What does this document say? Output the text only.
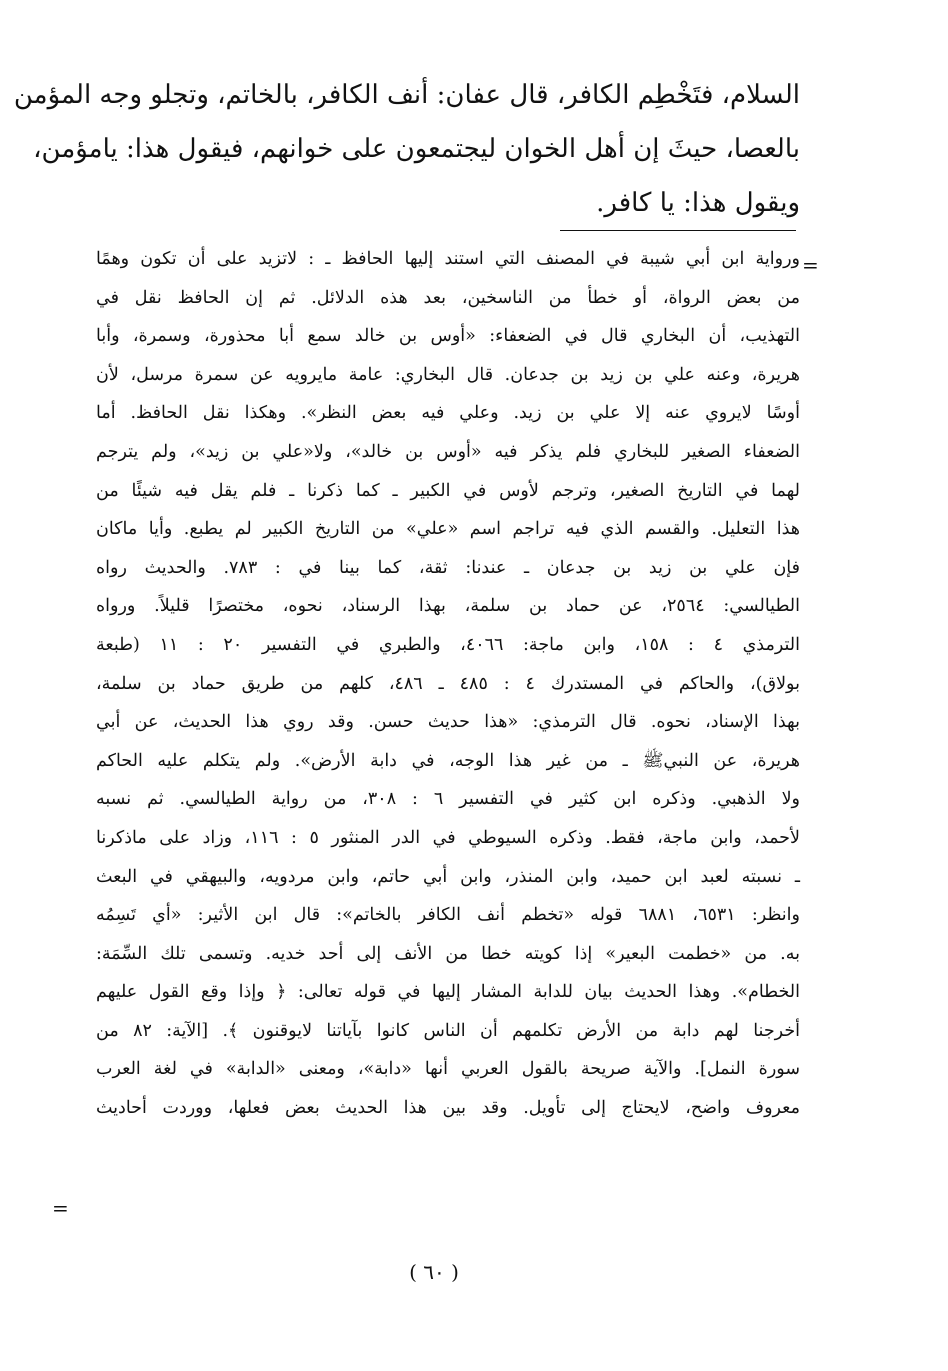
السلام، فتَخْطِم الكافر، قال عفان: أنف الكافر، بالخاتم، وتجلو وجه المؤمن
بالعصا، حيثَ إن أهل الخوان ليجتمعون على خوانهم، فيقول هذا: يامؤمن،
ويقول هذا: يا كافر.
=
ورواية ابن أبي شيبة في المصنف التي استند إليها الحافظ ـ : لاتزيد على أن تكون وهمًا
من بعض الرواة، أو خطأ من الناسخين، بعد هذه الدلائل. ثم إن الحافظ نقل في
التهذيب، أن البخاري قال في الضعفاء: «أوس بن خالد سمع أبا محذورة، وسمرة، وأبا
هريرة، وعنه علي بن زيد بن جدعان. قال البخاري: عامة مايرويه عن سمرة مرسل، لأن
أوسًا لايروي عنه إلا علي بن زيد. وعلي فيه بعض النظر». وهكذا نقل الحافظ. أما
الضعفاء الصغير للبخاري فلم يذكر فيه «أوس بن خالد»، ولا«علي بن زيد»، ولم يترجم
لهما في التاريخ الصغير، وترجم لأوس في الكبير ـ كما ذكرنا ـ فلم يقل فيه شيئًا من
هذا التعليل. والقسم الذي فيه تراجم اسم «علي» من التاريخ الكبير لم يطبع. وأيا ماكان
فإن علي بن زيد بن جدعان ـ عندنا: ثقة، كما بينا في : ٧٨٣. والحديث رواه
الطيالسي: ٢٥٦٤، عن حماد بن سلمة، بهذا الرسناد، نحوه، مختصرًا قليلاً. ورواه
الترمذي ٤ : ١٥٨، وابن ماجة: ٤٠٦٦، والطبري في التفسير ٢٠ : ١١ (طبعة
بولاق)، والحاكم في المستدرك ٤ : ٤٨٥ ـ ٤٨٦، كلهم من طريق حماد بن سلمة،
بهذا الإسناد، نحوه. قال الترمذي: «هذا حديث حسن. وقد روي هذا الحديث، عن أبي
هريرة، عن النبيﷺ ـ من غير هذا الوجه، في دابة الأرض». ولم يتكلم عليه الحاكم
ولا الذهبي. وذكره ابن كثير في التفسير ٦ : ٣٠٨، من رواية الطيالسي. ثم نسبه
لأحمد، وابن ماجة، فقط. وذكره السيوطي في الدر المنثور ٥ : ١١٦، وزاد على ماذكرنا
ـ نسبته لعبد ابن حميد، وابن المنذر، وابن أبي حاتم، وابن مردويه، والبيهقي في البعث
وانظر: ٦٥٣١، ٦٨٨١ قوله «تخطم أنف الكافر بالخاتم»: قال ابن الأثير: «أي تَسِمُه
به. من «خطمت البعير» إذا كويته خطا من الأنف إلى أحد خديه. وتسمى تلك السِّمَة:
الخطام». وهذا الحديث بيان للدابة المشار إليها في قوله تعالى: ﴿ وإذا وقع القول عليهم
أخرجنا لهم دابة من الأرض تكلمهم أن الناس كانوا بآياتنا لايوقنون ﴾. [الآية: ٨٢ من
سورة النمل]. والآية صريحة بالقول العربي أنها «دابة»، ومعنى «الدابة» في لغة العرب
معروف واضح، لايحتاج إلى تأويل. وقد بين هذا الحديث بعض فعلها، ووردت أحاديث
=
( ٦٠ )
